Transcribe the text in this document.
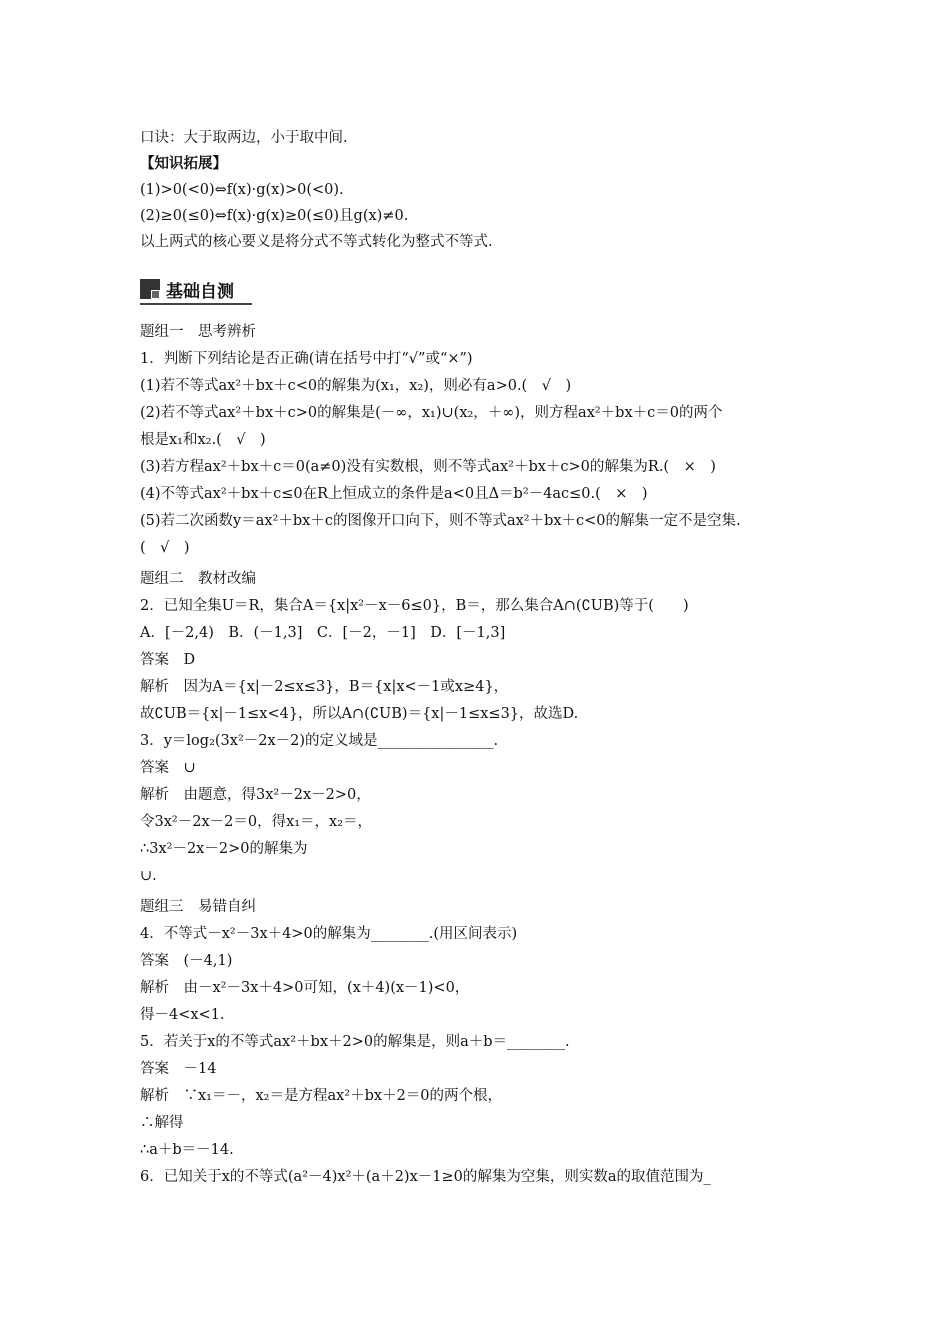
基础自测
口诀：大于取两边，小于取中间.
【知识拓展】
(1)>0(<0)⇔f(x)·g(x)>0(<0).
(2)≥0(≤0)⇔f(x)·g(x)≥0(≤0)且g(x)≠0.
以上两式的核心要义是将分式不等式转化为整式不等式.
题组一　思考辨析
1．判断下列结论是否正确(请在括号中打“√”或“×”)
(1)若不等式ax²＋bx＋c<0的解集为(x₁，x₂)，则必有a>0.(　√　)
(2)若不等式ax²＋bx＋c>0的解集是(－∞，x₁)∪(x₂，＋∞)，则方程ax²＋bx＋c＝0的两个
根是x₁和x₂.(　√　)
(3)若方程ax²＋bx＋c＝0(a≠0)没有实数根，则不等式ax²＋bx＋c>0的解集为R.(　×　)
(4)不等式ax²＋bx＋c≤0在R上恒成立的条件是a<0且Δ＝b²－4ac≤0.(　×　)
(5)若二次函数y＝ax²＋bx＋c的图像开口向下，则不等式ax²＋bx＋c<0的解集一定不是空集.
(　√　)
题组二　教材改编
2．已知全集U＝R，集合A＝{x|x²－x－6≤0}，B＝，那么集合A∩(∁UB)等于(　　)
A．[－2,4)　B．(－1,3]　C．[－2，－1]　D．[－1,3]
答案　D
解析　因为A＝{x|－2≤x≤3}，B＝{x|x<－1或x≥4}，
故∁UB＝{x|－1≤x<4}，所以A∩(∁UB)＝{x|－1≤x≤3}，故选D.
3．y＝log₂(3x²－2x－2)的定义域是________________.
答案　∪
解析　由题意，得3x²－2x－2>0，
令3x²－2x－2＝0，得x₁＝，x₂＝，
∴3x²－2x－2>0的解集为
∪.
题组三　易错自纠
4．不等式－x²－3x＋4>0的解集为________.(用区间表示)
答案　(－4,1)
解析　由－x²－3x＋4>0可知，(x＋4)(x－1)<0，
得－4<x<1.
5．若关于x的不等式ax²＋bx＋2>0的解集是，则a＋b＝________.
答案　－14
解析　∵x₁＝－，x₂＝是方程ax²＋bx＋2＝0的两个根，
∴解得
∴a＋b＝－14.
6．已知关于x的不等式(a²－4)x²＋(a＋2)x－1≥0的解集为空集，则实数a的取值范围为_
